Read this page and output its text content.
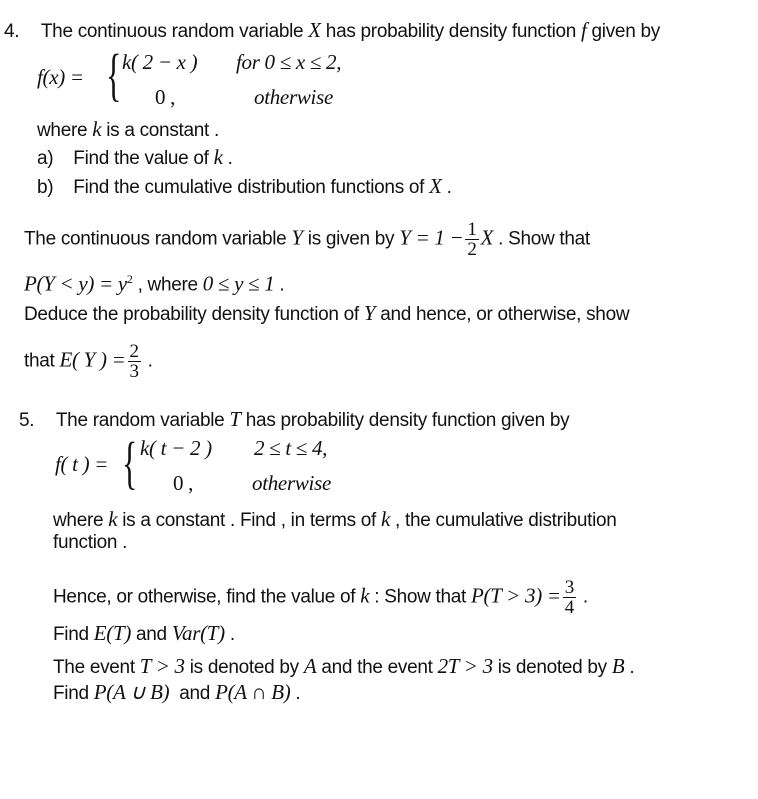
4. The continuous random variable X has probability density function f given by
f(x) = { k( 2 − x ) for 0 ≤ x ≤ 2,
0 ,	otherwise
where k is a constant .
a) Find the value of k .
b) Find the cumulative distribution functions of X .
The continuous random variable Y is given by $Y = 1 - \frac{1}{2}$ X . Show that
$P(Y < y) = y^2$ , where 0 ≤ y ≤ 1 .
Deduce the probability density function of Y and hence, or otherwise, show
that E( Y ) = $\frac{2}{3}$ .
5. The random variable T has probability density function given by
f( t ) = { k( t − 2 ) 2 ≤ t ≤ 4,
0 ,	otherwise
where k is a constant . Find , in terms of k , the cumulative distribution
function .
Hence, or otherwise, find the value of k : Show that $P(T > 3) = \frac{3}{4}$ .
Find E(T) and Var(T) .
The event T > 3 is denoted by A and the event 2T > 3 is denoted by B .
Find P(A ∪ B)  and P(A ∩ B) .
